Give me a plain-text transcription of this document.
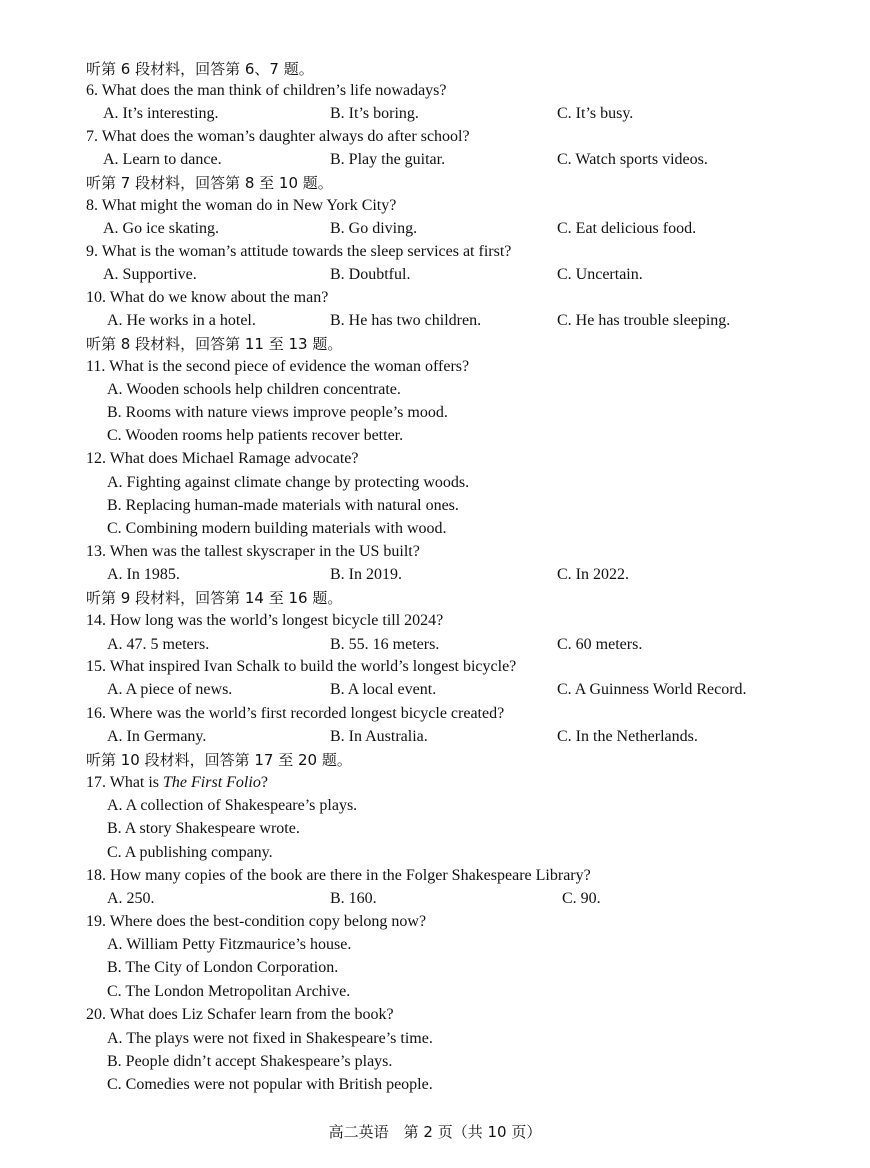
听第 6 段材料，回答第 6、7 题。
6. What does the man think of children’s life nowadays?
A. It’s interesting.	B. It’s boring.	C. It’s busy.
7. What does the woman’s daughter always do after school?
A. Learn to dance.	B. Play the guitar.	C. Watch sports videos.
听第 7 段材料，回答第 8 至 10 题。
8. What might the woman do in New York City?
A. Go ice skating.	B. Go diving.	C. Eat delicious food.
9. What is the woman’s attitude towards the sleep services at first?
A. Supportive.	B. Doubtful.	C. Uncertain.
10. What do we know about the man?
A. He works in a hotel.	B. He has two children.	C. He has trouble sleeping.
听第 8 段材料，回答第 11 至 13 题。
11. What is the second piece of evidence the woman offers?
A. Wooden schools help children concentrate.
B. Rooms with nature views improve people’s mood.
C. Wooden rooms help patients recover better.
12. What does Michael Ramage advocate?
A. Fighting against climate change by protecting woods.
B. Replacing human-made materials with natural ones.
C. Combining modern building materials with wood.
13. When was the tallest skyscraper in the US built?
A. In 1985.	B. In 2019.	C. In 2022.
听第 9 段材料，回答第 14 至 16 题。
14. How long was the world’s longest bicycle till 2024?
A. 47. 5 meters.	B. 55. 16 meters.	C. 60 meters.
15. What inspired Ivan Schalk to build the world’s longest bicycle?
A. A piece of news.	B. A local event.	C. A Guinness World Record.
16. Where was the world’s first recorded longest bicycle created?
A. In Germany.	B. In Australia.	C. In the Netherlands.
听第 10 段材料，回答第 17 至 20 题。
17. What is The First Folio?
A. A collection of Shakespeare’s plays.
B. A story Shakespeare wrote.
C. A publishing company.
18. How many copies of the book are there in the Folger Shakespeare Library?
A. 250.	B. 160.	C. 90.
19. Where does the best-condition copy belong now?
A. William Petty Fitzmaurice’s house.
B. The City of London Corporation.
C. The London Metropolitan Archive.
20. What does Liz Schafer learn from the book?
A. The plays were not fixed in Shakespeare’s time.
B. People didn’t accept Shakespeare’s plays.
C. Comedies were not popular with British people.
高二英语　第 2 页（共 10 页）
